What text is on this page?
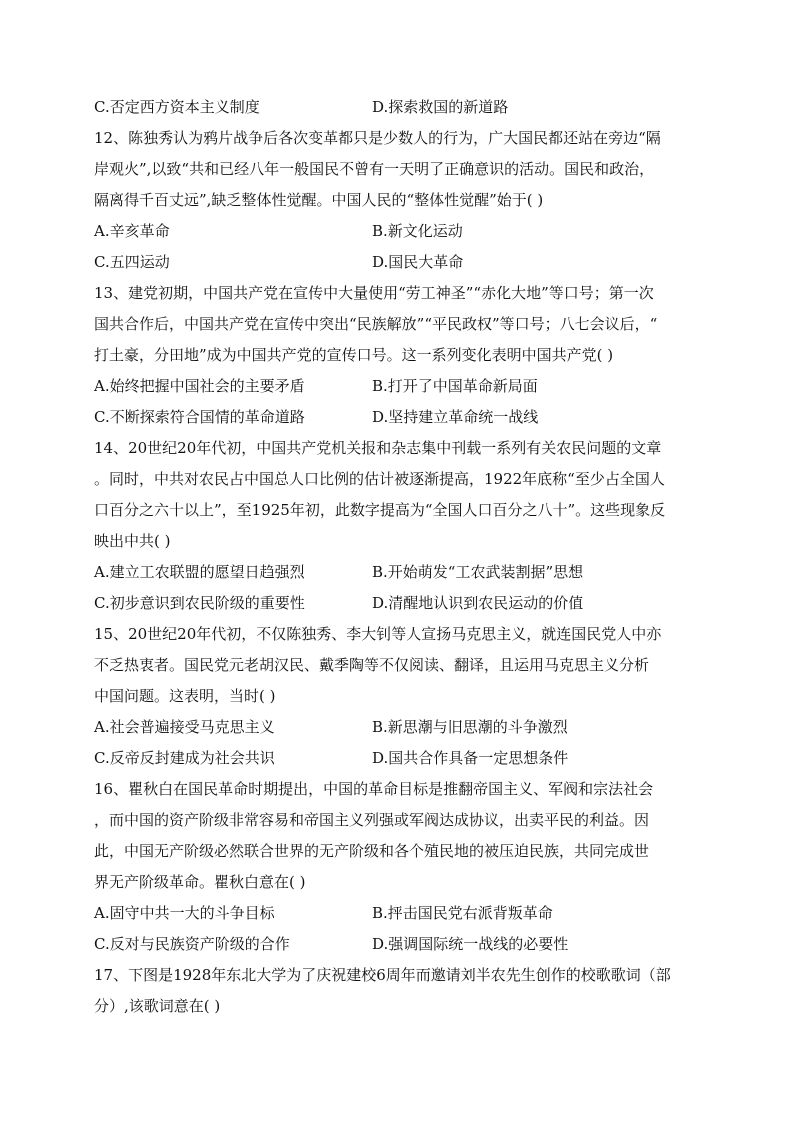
C.否定西方资本主义制度	D.探索救国的新道路
12、陈独秀认为鸦片战争后各次变革都只是少数人的行为，广大国民都还站在旁边“隔
岸观火”,以致“共和已经八年一般国民不曾有一天明了正确意识的活动。国民和政治，
隔离得千百丈远”,缺乏整体性觉醒。中国人民的“整体性觉醒”始于( )
A.辛亥革命	B.新文化运动
C.五四运动	D.国民大革命
13、建党初期，中国共产党在宣传中大量使用“劳工神圣”“赤化大地”等口号；第一次
国共合作后，中国共产党在宣传中突出“民族解放”“平民政权”等口号；八七会议后，“
打土豪，分田地”成为中国共产党的宣传口号。这一系列变化表明中国共产党( )
A.始终把握中国社会的主要矛盾	B.打开了中国革命新局面
C.不断探索符合国情的革命道路	D.坚持建立革命统一战线
14、20世纪20年代初，中国共产党机关报和杂志集中刊载一系列有关农民问题的文章
。同时，中共对农民占中国总人口比例的估计被逐渐提高，1922年底称“至少占全国人
口百分之六十以上”，至1925年初，此数字提高为“全国人口百分之八十”。这些现象反
映出中共( )
A.建立工农联盟的愿望日趋强烈	B.开始萌发“工农武装割据”思想
C.初步意识到农民阶级的重要性	D.清醒地认识到农民运动的价值
15、20世纪20年代初，不仅陈独秀、李大钊等人宣扬马克思主义，就连国民党人中亦
不乏热衷者。国民党元老胡汉民、戴季陶等不仅阅读、翻译，且运用马克思主义分析
中国问题。这表明，当时( )
A.社会普遍接受马克思主义	B.新思潮与旧思潮的斗争激烈
C.反帝反封建成为社会共识	D.国共合作具备一定思想条件
16、瞿秋白在国民革命时期提出，中国的革命目标是推翻帝国主义、军阀和宗法社会
，而中国的资产阶级非常容易和帝国主义列强或军阀达成协议，出卖平民的利益。因
此，中国无产阶级必然联合世界的无产阶级和各个殖民地的被压迫民族，共同完成世
界无产阶级革命。瞿秋白意在( )
A.固守中共一大的斗争目标	B.抨击国民党右派背叛革命
C.反对与民族资产阶级的合作	D.强调国际统一战线的必要性
17、下图是1928年东北大学为了庆祝建校6周年而邀请刘半农先生创作的校歌歌词（部
分）,该歌词意在( )
